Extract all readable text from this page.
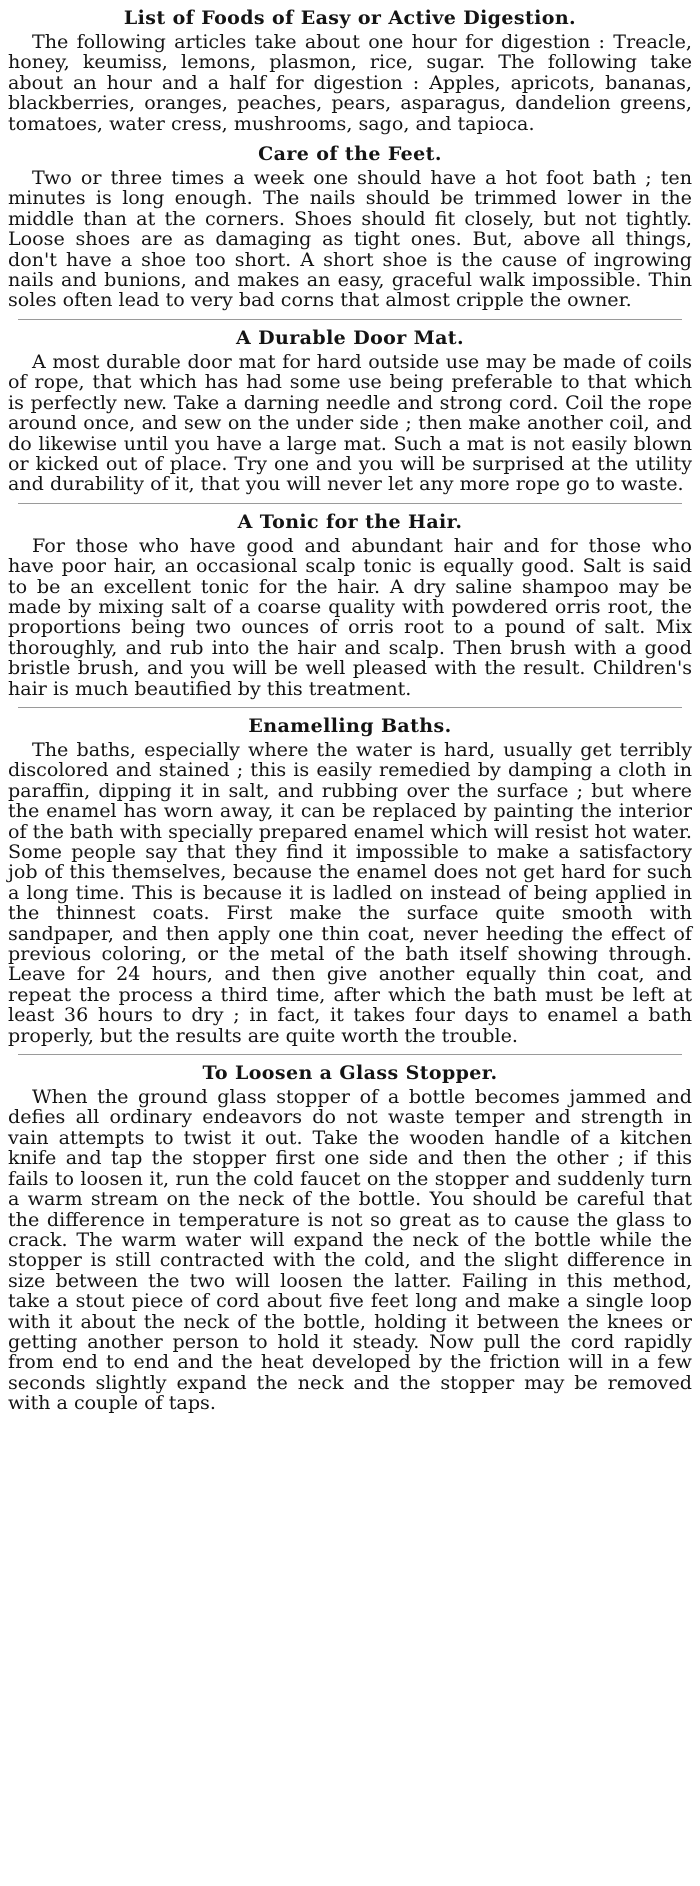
List of Foods of Easy or Active Digestion.

The following articles take about one hour for digestion : Treacle, honey, keumiss, lemons, plasmon, rice, sugar. The following take about an hour and a half for digestion : Apples, apricots, bananas, blackberries, oranges, peaches, pears, asparagus, dandelion greens, tomatoes, water cress, mushrooms, sago, and tapioca.

Care of the Feet.

Two or three times a week one should have a hot foot bath ; ten minutes is long enough. The nails should be trimmed lower in the middle than at the corners. Shoes should fit closely, but not tightly. Loose shoes are as damaging as tight ones. But, above all things, don't have a shoe too short. A short shoe is the cause of ingrowing nails and bunions, and makes an easy, graceful walk impossible. Thin soles often lead to very bad corns that almost cripple the owner.

A Durable Door Mat.

A most durable door mat for hard outside use may be made of coils of rope, that which has had some use being preferable to that which is perfectly new. Take a darning needle and strong cord. Coil the rope around once, and sew on the under side ; then make another coil, and do likewise until you have a large mat. Such a mat is not easily blown or kicked out of place. Try one and you will be surprised at the utility and durability of it, that you will never let any more rope go to waste.

A Tonic for the Hair.

For those who have good and abundant hair and for those who have poor hair, an occasional scalp tonic is equally good. Salt is said to be an excellent tonic for the hair. A dry saline shampoo may be made by mixing salt of a coarse quality with powdered orris root, the proportions being two ounces of orris root to a pound of salt. Mix thoroughly, and rub into the hair and scalp. Then brush with a good bristle brush, and you will be well pleased with the result. Children's hair is much beautified by this treatment.

Enamelling Baths.

The baths, especially where the water is hard, usually get terribly discolored and stained ; this is easily remedied by damping a cloth in paraffin, dipping it in salt, and rubbing over the surface ; but where the enamel has worn away, it can be replaced by painting the interior of the bath with specially prepared enamel which will resist hot water. Some people say that they find it impossible to make a satisfactory job of this themselves, because the enamel does not get hard for such a long time. This is because it is ladled on instead of being applied in the thinnest coats. First make the surface quite smooth with sandpaper, and then apply one thin coat, never heeding the effect of previous coloring, or the metal of the bath itself showing through. Leave for 24 hours, and then give another equally thin coat, and repeat the process a third time, after which the bath must be left at least 36 hours to dry ; in fact, it takes four days to enamel a bath properly, but the results are quite worth the trouble.

To Loosen a Glass Stopper.

When the ground glass stopper of a bottle becomes jammed and defies all ordinary endeavors do not waste temper and strength in vain attempts to twist it out. Take the wooden handle of a kitchen knife and tap the stopper first one side and then the other ; if this fails to loosen it, run the cold faucet on the stopper and suddenly turn a warm stream on the neck of the bottle. You should be careful that the difference in temperature is not so great as to cause the glass to crack. The warm water will expand the neck of the bottle while the stopper is still contracted with the cold, and the slight difference in size between the two will loosen the latter. Failing in this method, take a stout piece of cord about five feet long and make a single loop with it about the neck of the bottle, holding it between the knees or getting another person to hold it steady. Now pull the cord rapidly from end to end and the heat developed by the friction will in a few seconds slightly expand the neck and the stopper may be removed with a couple of taps.
